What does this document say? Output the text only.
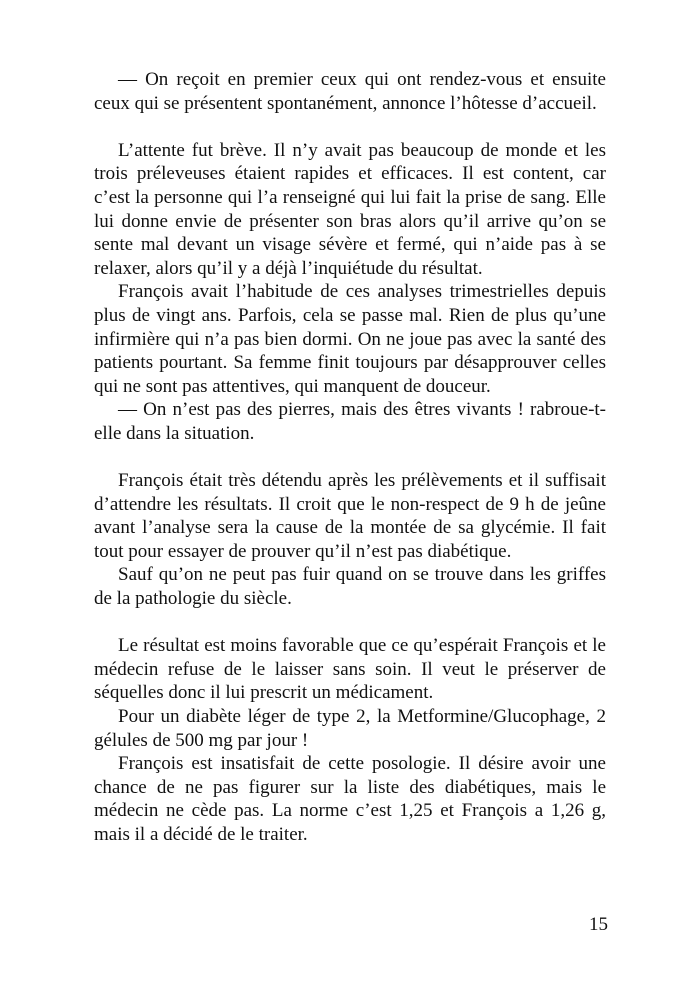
— On reçoit en premier ceux qui ont rendez-vous et ensuite ceux qui se présentent spontanément, annonce l’hôtesse d’accueil.

L’attente fut brève. Il n’y avait pas beaucoup de monde et les trois préleveuses étaient rapides et efficaces. Il est content, car c’est la personne qui l’a renseigné qui lui fait la prise de sang. Elle lui donne envie de présenter son bras alors qu’il arrive qu’on se sente mal devant un visage sévère et fermé, qui n’aide pas à se relaxer, alors qu’il y a déjà l’inquiétude du résultat.

François avait l’habitude de ces analyses trimestrielles depuis plus de vingt ans. Parfois, cela se passe mal. Rien de plus qu’une infirmière qui n’a pas bien dormi. On ne joue pas avec la santé des patients pourtant. Sa femme finit toujours par désapprouver celles qui ne sont pas attentives, qui manquent de douceur.

— On n’est pas des pierres, mais des êtres vivants ! rabroue-t-elle dans la situation.

François était très détendu après les prélèvements et il suffisait d’attendre les résultats. Il croit que le non-respect de 9 h de jeûne avant l’analyse sera la cause de la montée de sa glycémie. Il fait tout pour essayer de prouver qu’il n’est pas diabétique.

Sauf qu’on ne peut pas fuir quand on se trouve dans les griffes de la pathologie du siècle.

Le résultat est moins favorable que ce qu’espérait François et le médecin refuse de le laisser sans soin. Il veut le préserver de séquelles donc il lui prescrit un médicament.

Pour un diabète léger de type 2, la Metformine/Glucophage, 2 gélules de 500 mg par jour !

François est insatisfait de cette posologie. Il désire avoir une chance de ne pas figurer sur la liste des diabétiques, mais le médecin ne cède pas. La norme c’est 1,25 et François a 1,26 g, mais il a décidé de le traiter.

15
